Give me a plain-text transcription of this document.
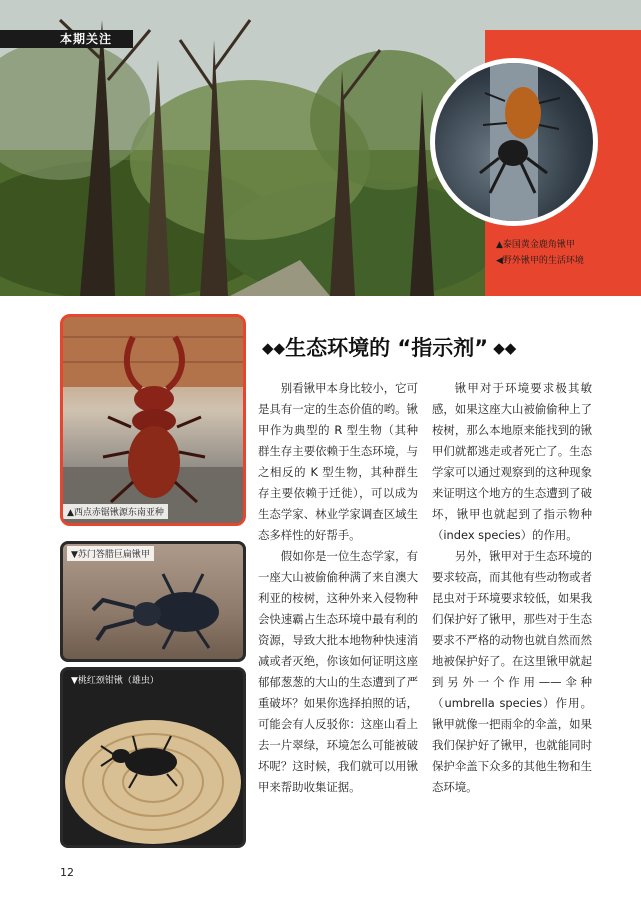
本期关注
▲泰国黄金鹿角锹甲
◀野外锹甲的生活环境
▲西点赤锯锹源东南亚种
▼苏门答腊巨扁锹甲
▼桃红颈钳锹（雄虫）
◆◆生态环境的 “指示剂” ◆◆

别看锹甲本身比较小，它可是具有一定的生态价值的哟。锹甲作为典型的 R 型生物（其种群生存主要依赖于生态环境，与之相反的 K 型生物，其种群生存主要依赖于迁徙），可以成为生态学家、林业学家调查区域生态多样性的好帮手。

假如你是一位生态学家，有一座大山被偷偷种满了来自澳大利亚的桉树，这种外来入侵物种会快速霸占生态环境中最有利的资源，导致大批本地物种快速消减或者灭绝，你该如何证明这座郁郁葱葱的大山的生态遭到了严重破坏？如果你选择拍照的话，可能会有人反驳你：这座山看上去一片翠绿，环境怎么可能被破坏呢？这时候，我们就可以用锹甲来帮助收集证据。

锹甲对于环境要求极其敏感，如果这座大山被偷偷种上了桉树，那么本地原来能找到的锹甲们就都逃走或者死亡了。生态学家可以通过观察到的这种现象来证明这个地方的生态遭到了破坏，锹甲也就起到了指示物种（index species）的作用。

另外，锹甲对于生态环境的要求较高，而其他有些动物或者昆虫对于环境要求较低，如果我们保护好了锹甲，那些对于生态要求不严格的动物也就自然而然地被保护好了。在这里锹甲就起到另外一个作用——伞种（umbrella species）作用。锹甲就像一把雨伞的伞盖，如果我们保护好了锹甲，也就能同时保护伞盖下众多的其他生物和生态环境。

12
